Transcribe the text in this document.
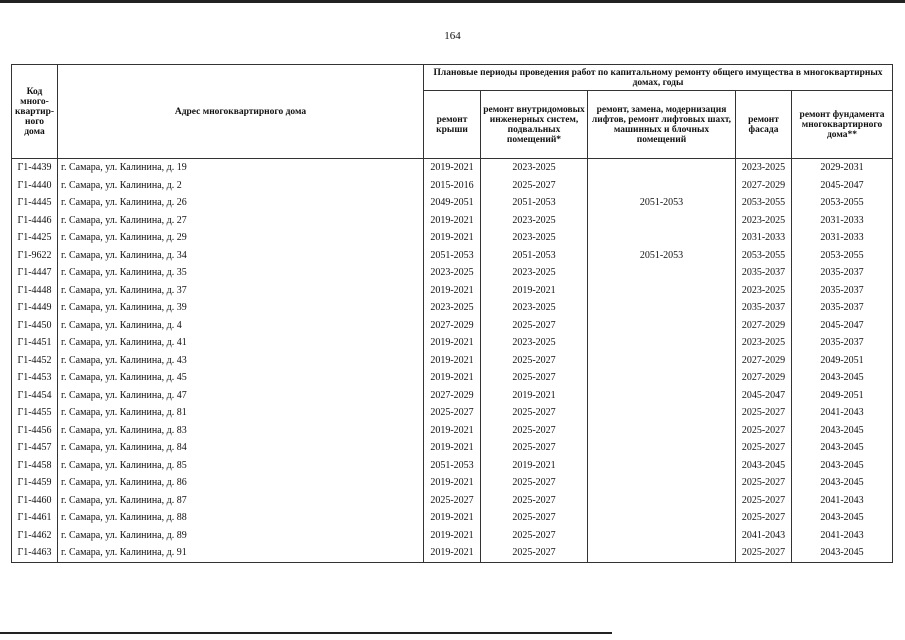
164
Код много-квартир-ного дома	Адрес многоквартирного дома	Плановые периоды проведения работ по капитальному ремонту общего имущества в многоквартирных домах, годы				
		ремонт крыши	ремонт внутридомовых инженерных систем, подвальных помещений*	ремонт, замена, модернизация лифтов, ремонт лифтовых шахт, машинных и блочных помещений	ремонт фасада	ремонт фундамента многоквартирного дома**
Г1-4439	г. Самара, ул. Калинина, д. 19	2019-2021	2023-2025		2023-2025	2029-2031
Г1-4440	г. Самара, ул. Калинина, д. 2	2015-2016	2025-2027		2027-2029	2045-2047
Г1-4445	г. Самара, ул. Калинина, д. 26	2049-2051	2051-2053	2051-2053	2053-2055	2053-2055
Г1-4446	г. Самара, ул. Калинина, д. 27	2019-2021	2023-2025		2023-2025	2031-2033
Г1-4425	г. Самара, ул. Калинина, д. 29	2019-2021	2023-2025		2031-2033	2031-2033
Г1-9622	г. Самара, ул. Калинина, д. 34	2051-2053	2051-2053	2051-2053	2053-2055	2053-2055
Г1-4447	г. Самара, ул. Калинина, д. 35	2023-2025	2023-2025		2035-2037	2035-2037
Г1-4448	г. Самара, ул. Калинина, д. 37	2019-2021	2019-2021		2023-2025	2035-2037
Г1-4449	г. Самара, ул. Калинина, д. 39	2023-2025	2023-2025		2035-2037	2035-2037
Г1-4450	г. Самара, ул. Калинина, д. 4	2027-2029	2025-2027		2027-2029	2045-2047
Г1-4451	г. Самара, ул. Калинина, д. 41	2019-2021	2023-2025		2023-2025	2035-2037
Г1-4452	г. Самара, ул. Калинина, д. 43	2019-2021	2025-2027		2027-2029	2049-2051
Г1-4453	г. Самара, ул. Калинина, д. 45	2019-2021	2025-2027		2027-2029	2043-2045
Г1-4454	г. Самара, ул. Калинина, д. 47	2027-2029	2019-2021		2045-2047	2049-2051
Г1-4455	г. Самара, ул. Калинина, д. 81	2025-2027	2025-2027		2025-2027	2041-2043
Г1-4456	г. Самара, ул. Калинина, д. 83	2019-2021	2025-2027		2025-2027	2043-2045
Г1-4457	г. Самара, ул. Калинина, д. 84	2019-2021	2025-2027		2025-2027	2043-2045
Г1-4458	г. Самара, ул. Калинина, д. 85	2051-2053	2019-2021		2043-2045	2043-2045
Г1-4459	г. Самара, ул. Калинина, д. 86	2019-2021	2025-2027		2025-2027	2043-2045
Г1-4460	г. Самара, ул. Калинина, д. 87	2025-2027	2025-2027		2025-2027	2041-2043
Г1-4461	г. Самара, ул. Калинина, д. 88	2019-2021	2025-2027		2025-2027	2043-2045
Г1-4462	г. Самара, ул. Калинина, д. 89	2019-2021	2025-2027		2041-2043	2041-2043
Г1-4463	г. Самара, ул. Калинина, д. 91	2019-2021	2025-2027		2025-2027	2043-2045
